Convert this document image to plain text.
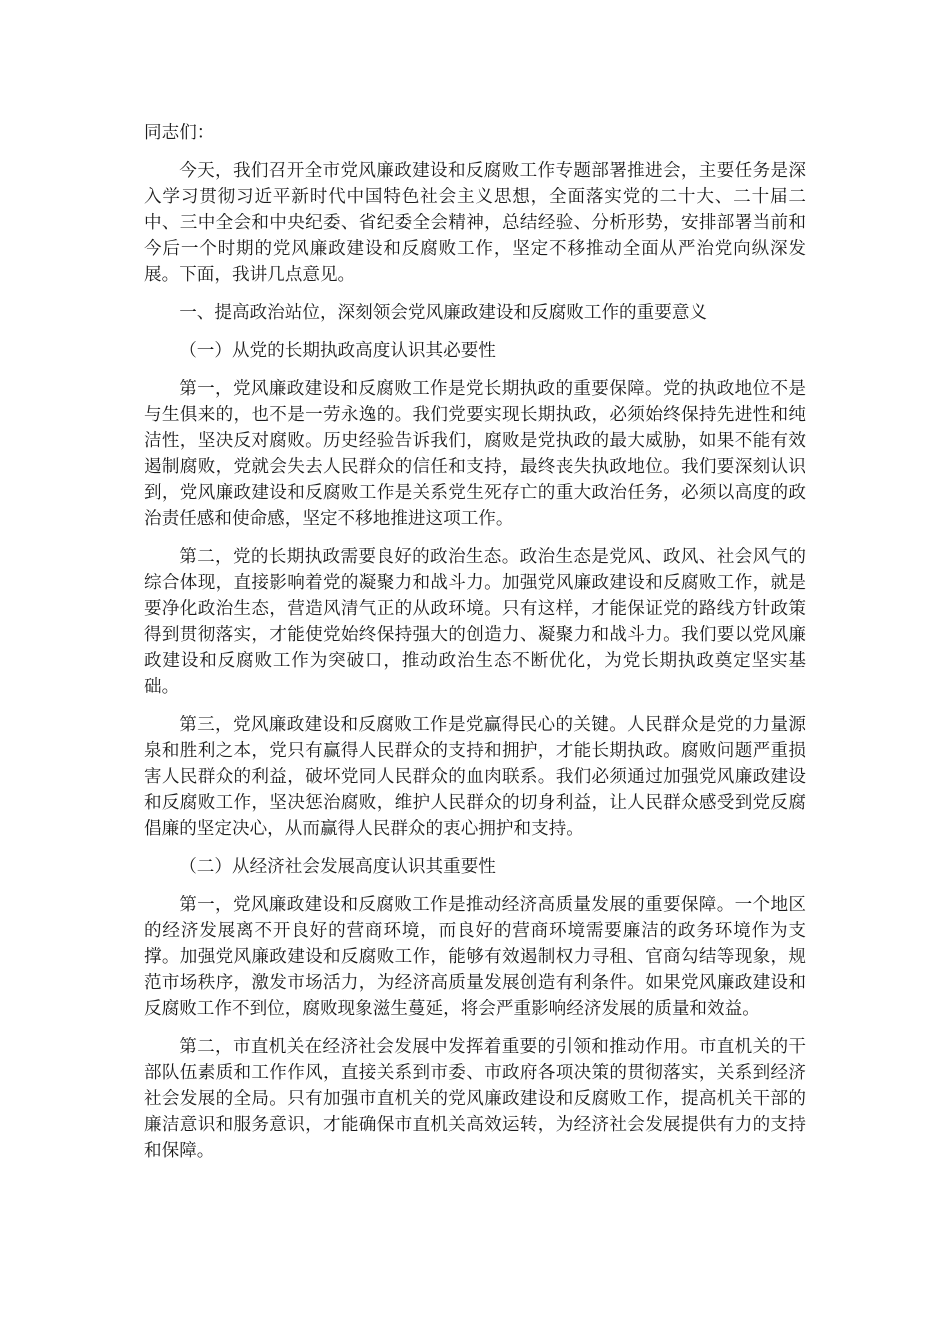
同志们：

今天，我们召开全市党风廉政建设和反腐败工作专题部署推进会，主要任务是深入学习贯彻习近平新时代中国特色社会主义思想，全面落实党的二十大、二十届二中、三中全会和中央纪委、省纪委全会精神，总结经验、分析形势，安排部署当前和今后一个时期的党风廉政建设和反腐败工作，坚定不移推动全面从严治党向纵深发展。下面，我讲几点意见。

一、提高政治站位，深刻领会党风廉政建设和反腐败工作的重要意义

（一）从党的长期执政高度认识其必要性

第一，党风廉政建设和反腐败工作是党长期执政的重要保障。党的执政地位不是与生俱来的，也不是一劳永逸的。我们党要实现长期执政，必须始终保持先进性和纯洁性，坚决反对腐败。历史经验告诉我们，腐败是党执政的最大威胁，如果不能有效遏制腐败，党就会失去人民群众的信任和支持，最终丧失执政地位。我们要深刻认识到，党风廉政建设和反腐败工作是关系党生死存亡的重大政治任务，必须以高度的政治责任感和使命感，坚定不移地推进这项工作。

第二，党的长期执政需要良好的政治生态。政治生态是党风、政风、社会风气的综合体现，直接影响着党的凝聚力和战斗力。加强党风廉政建设和反腐败工作，就是要净化政治生态，营造风清气正的从政环境。只有这样，才能保证党的路线方针政策得到贯彻落实，才能使党始终保持强大的创造力、凝聚力和战斗力。我们要以党风廉政建设和反腐败工作为突破口，推动政治生态不断优化，为党长期执政奠定坚实基础。

第三，党风廉政建设和反腐败工作是党赢得民心的关键。人民群众是党的力量源泉和胜利之本，党只有赢得人民群众的支持和拥护，才能长期执政。腐败问题严重损害人民群众的利益，破坏党同人民群众的血肉联系。我们必须通过加强党风廉政建设和反腐败工作，坚决惩治腐败，维护人民群众的切身利益，让人民群众感受到党反腐倡廉的坚定决心，从而赢得人民群众的衷心拥护和支持。

（二）从经济社会发展高度认识其重要性

第一，党风廉政建设和反腐败工作是推动经济高质量发展的重要保障。一个地区的经济发展离不开良好的营商环境，而良好的营商环境需要廉洁的政务环境作为支撑。加强党风廉政建设和反腐败工作，能够有效遏制权力寻租、官商勾结等现象，规范市场秩序，激发市场活力，为经济高质量发展创造有利条件。如果党风廉政建设和反腐败工作不到位，腐败现象滋生蔓延，将会严重影响经济发展的质量和效益。

第二，市直机关在经济社会发展中发挥着重要的引领和推动作用。市直机关的干部队伍素质和工作作风，直接关系到市委、市政府各项决策的贯彻落实，关系到经济社会发展的全局。只有加强市直机关的党风廉政建设和反腐败工作，提高机关干部的廉洁意识和服务意识，才能确保市直机关高效运转，为经济社会发展提供有力的支持和保障。
